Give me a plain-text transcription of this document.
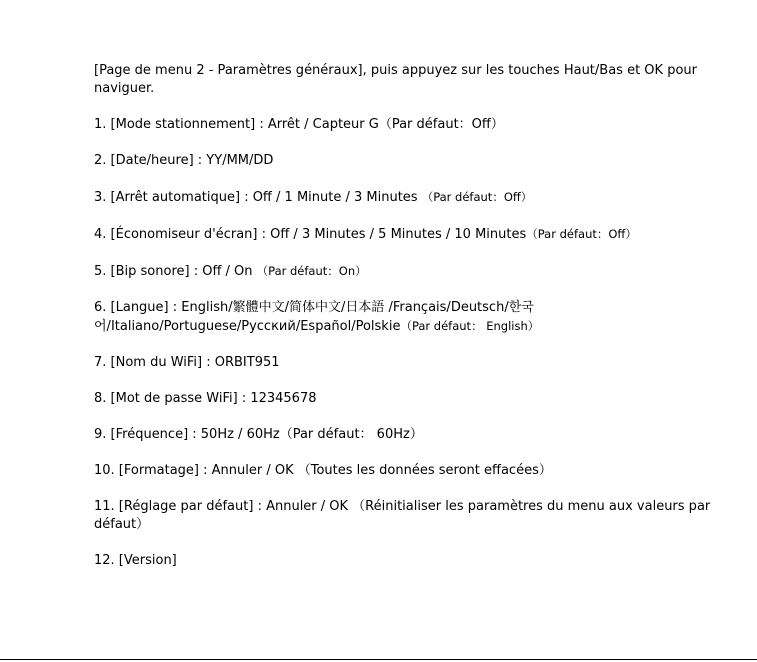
[Page de menu 2 - Paramètres généraux], puis appuyez sur les touches Haut/Bas et OK pour naviguer.

1. [Mode stationnement] : Arrêt / Capteur G（Par défaut：Off）

2. [Date/heure] : YY/MM/DD

3. [Arrêt automatique] : Off / 1 Minute / 3 Minutes （Par défaut：Off）

4. [Économiseur d'écran] : Off / 3 Minutes / 5 Minutes / 10 Minutes（Par défaut：Off）

5. [Bip sonore] : Off / On （Par défaut：On）

6. [Langue] : English/繁體中文/简体中文/日本語 /Français/Deutsch/한국어/Italiano/Portuguese/Pусский/Español/Polskie（Par défaut： English）

7. [Nom du WiFi] : ORBIT951

8. [Mot de passe WiFi] : 12345678

9. [Fréquence] : 50Hz / 60Hz（Par défaut： 60Hz）

10. [Formatage] : Annuler / OK （Toutes les données seront effacées）

11. [Réglage par défaut] : Annuler / OK （Réinitialiser les paramètres du menu aux valeurs par défaut）

12. [Version]
